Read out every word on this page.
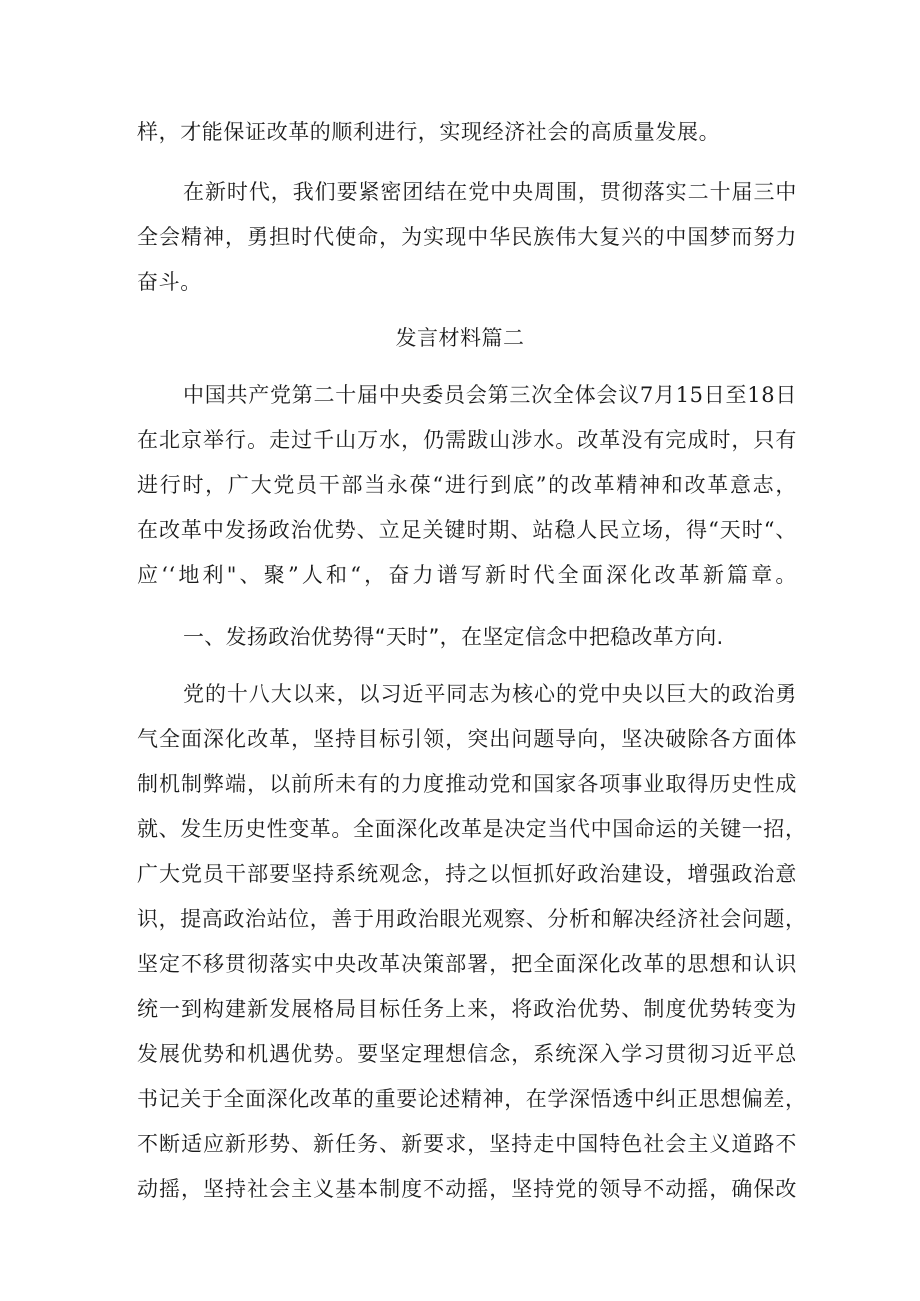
样，才能保证改革的顺利进行，实现经济社会的高质量发展。
在新时代，我们要紧密团结在党中央周围，贯彻落实二十届三中
全会精神，勇担时代使命，为实现中华民族伟大复兴的中国梦而努力
奋斗。
发言材料篇二
中国共产党第二十届中央委员会第三次全体会议7月15日至18日
在北京举行。走过千山万水，仍需跋山涉水。改革没有完成时，只有
进行时，广大党员干部当永葆“进行到底”的改革精神和改革意志，
在改革中发扬政治优势、立足关键时期、站稳人民立场，得“天时“、
应‘‘地利"、聚”人和“，奋力谱写新时代全面深化改革新篇章。
一、发扬政治优势得“天时”，在坚定信念中把稳改革方向.
党的十八大以来，以习近平同志为核心的党中央以巨大的政治勇
气全面深化改革，坚持目标引领，突出问题导向，坚决破除各方面体
制机制弊端，以前所未有的力度推动党和国家各项事业取得历史性成
就、发生历史性变革。全面深化改革是决定当代中国命运的关键一招，
广大党员干部要坚持系统观念，持之以恒抓好政治建设，增强政治意
识，提高政治站位，善于用政治眼光观察、分析和解决经济社会问题，
坚定不移贯彻落实中央改革决策部署，把全面深化改革的思想和认识
统一到构建新发展格局目标任务上来，将政治优势、制度优势转变为
发展优势和机遇优势。要坚定理想信念，系统深入学习贯彻习近平总
书记关于全面深化改革的重要论述精神，在学深悟透中纠正思想偏差，
不断适应新形势、新任务、新要求，坚持走中国特色社会主义道路不
动摇，坚持社会主义基本制度不动摇，坚持党的领导不动摇，确保改
